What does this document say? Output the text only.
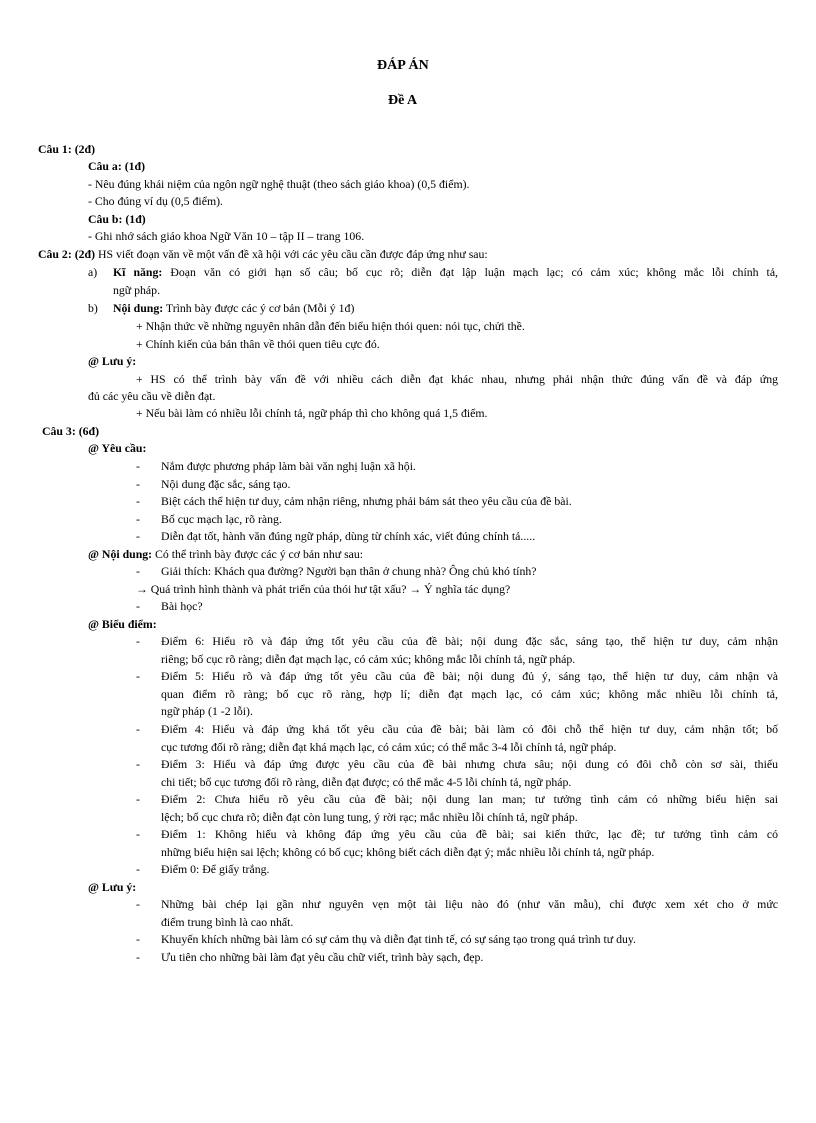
ĐÁP ÁN
Đề A
Câu 1: (2đ)
Câu a: (1đ)
- Nêu đúng khái niệm của ngôn ngữ nghệ thuật (theo sách giáo khoa) (0,5 điểm).
- Cho đúng ví dụ (0,5 điểm).
Câu b: (1đ)
- Ghi nhớ sách giáo khoa Ngữ Văn 10 – tập II – trang 106.
Câu 2: (2đ) HS viết đoạn văn về một vấn đề xã hội với các yêu cầu cần được đáp ứng như sau:
a) Kĩ năng: Đoạn văn có giới hạn số câu; bố cục rõ; diễn đạt lập luận mạch lạc; có cảm xúc; không mắc lỗi chính tả,
ngữ pháp.
b) Nội dung: Trình bày được các ý cơ bản (Mỗi ý 1đ)
+ Nhận thức về những nguyên nhân dẫn đến biểu hiện thói quen: nói tục, chửi thề.
+ Chính kiến của bản thân về thói quen tiêu cực đó.
@ Lưu ý:
+ HS có thể trình bày vấn đề với nhiều cách diễn đạt khác nhau, nhưng phải nhận thức đúng vấn đề và đáp ứng
đủ các yêu cầu về diễn đạt.
+ Nếu bài làm có nhiều lỗi chính tả, ngữ pháp thì cho không quá 1,5 điểm.
Câu 3: (6đ)
@ Yêu cầu:
- Nắm được phương pháp làm bài văn nghị luận xã hội.
- Nội dung đặc sắc, sáng tạo.
- Biệt cách thể hiện tư duy, cảm nhận riêng, nhưng phải bám sát theo yêu cầu của đề bài.
- Bố cục mạch lạc, rõ ràng.
- Diễn đạt tốt, hành văn đúng ngữ pháp, dùng từ chính xác, viết đúng chính tả.....
@ Nội dung: Có thể trình bày được các ý cơ bản như sau:
- Giải thích: Khách qua đường? Người bạn thân ở chung nhà? Ông chủ khó tính?
→ Quá trình hình thành và phát triển của thói hư tật xấu? → Ý nghĩa tác dụng?
- Bài học?
@ Biểu điểm:
- Điểm 6: Hiểu rõ và đáp ứng tốt yêu cầu của đề bài; nội dung đặc sắc, sáng tạo, thể hiện tư duy, cảm nhận
riêng; bố cục rõ ràng; diễn đạt mạch lạc, có cảm xúc; không mắc lỗi chính tả, ngữ pháp.
- Điểm 5: Hiểu rõ và đáp ứng tốt yêu cầu của đề bài; nội dung đủ ý, sáng tạo, thể hiện tư duy, cảm nhận và
quan điểm rõ ràng; bố cục rõ ràng, hợp lí; diễn đạt mạch lạc, có cảm xúc; không mắc nhiều lỗi chính tả,
ngữ pháp (1 -2 lỗi).
- Điểm 4: Hiểu và đáp ứng khá tốt yêu cầu của đề bài; bài làm có đôi chỗ thể hiện tư duy, cảm nhận tốt; bố
cục tương đối rõ ràng; diễn đạt khá mạch lạc, có cảm xúc; có thể mắc 3-4 lỗi chính tả, ngữ pháp.
- Điểm 3: Hiểu và đáp ứng được yêu cầu của đề bài nhưng chưa sâu; nội dung có đôi chỗ còn sơ sài, thiếu
chi tiết; bố cục tương đối rõ ràng, diễn đạt được; có thể mắc 4-5 lỗi chính tả, ngữ pháp.
- Điểm 2: Chưa hiểu rõ yêu cầu của đề bài; nội dung lan man; tư tưởng tình cảm có những biểu hiện sai
lệch; bố cục chưa rõ; diễn đạt còn lung tung, ý rời rạc; mắc nhiều lỗi chính tả, ngữ pháp.
- Điểm 1: Không hiểu và không đáp ứng yêu cầu của đề bài; sai kiến thức, lạc đề; tư tưởng tình cảm có
những biểu hiện sai lệch; không có bố cục; không biết cách diễn đạt ý; mắc nhiều lỗi chính tả, ngữ pháp.
- Điểm 0: Để giấy trắng.
@ Lưu ý:
- Những bài chép lại gần như nguyên vẹn một tài liệu nào đó (như văn mẫu), chỉ được xem xét cho ở mức
điểm trung bình là cao nhất.
- Khuyến khích những bài làm có sự cảm thụ và diễn đạt tinh tế, có sự sáng tạo trong quá trình tư duy.
- Ưu tiên cho những bài làm đạt yêu cầu chữ viết, trình bày sạch, đẹp.
